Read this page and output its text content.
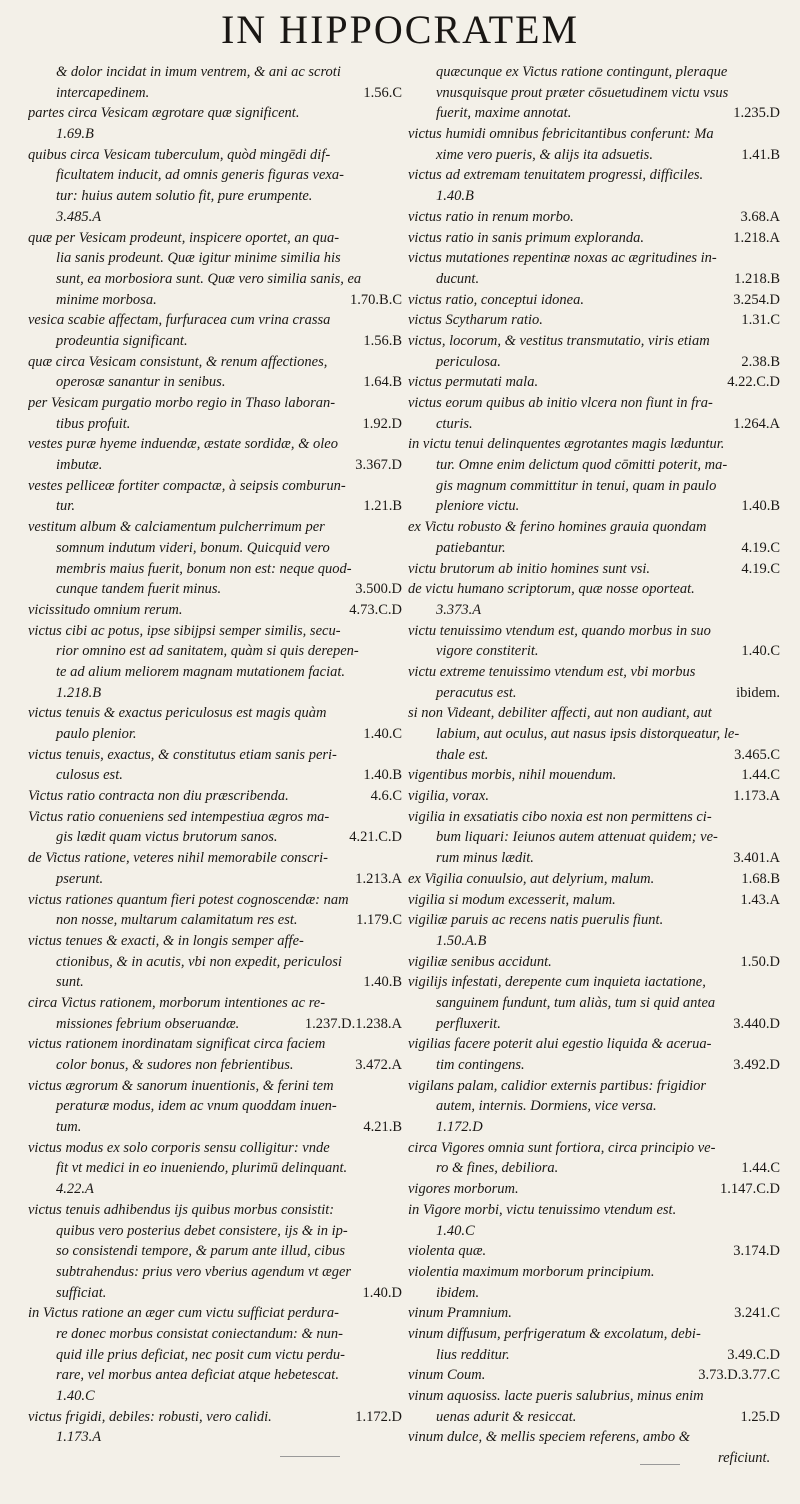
IN HIPPOCRATEM
& dolor incidat in imum ventrem, & ani ac scroti
intercapedinem.	1.56.C
partes circa Vesicam ægrotare quæ significent.
1.69.B
quibus circa Vesicam tuberculum, quòd mingēdi dif-
ficultatem inducit, ad omnis generis figuras vexa-
tur: huius autem solutio fit, pure erumpente.
3.485.A
quæ per Vesicam prodeunt, inspicere oportet, an qua-
lia sanis prodeunt. Quæ igitur minime similia his
sunt, ea morbosiora sunt. Quæ vero similia sanis, ea
minime morbosa.	1.70.B.C
vesica scabie affectam, furfuracea cum vrina crassa
prodeuntia significant.	1.56.B
quæ circa Vesicam consistunt, & renum affectiones,
operosæ sanantur in senibus.	1.64.B
per Vesicam purgatio morbo regio in Thaso laboran-
tibus profuit.	1.92.D
vestes puræ hyeme induendæ, æstate sordidæ, & oleo
imbutæ.	3.367.D
vestes pelliceæ fortiter compactæ, à seipsis comburun-
tur.	1.21.B
vestitum album & calciamentum pulcherrimum per
somnum indutum videri, bonum. Quicquid vero
membris maius fuerit, bonum non est: neque quod-
cunque tandem fuerit minus.	3.500.D
vicissitudo omnium rerum.	4.73.C.D
victus cibi ac potus, ipse sibijpsi semper similis, secu-
rior omnino est ad sanitatem, quàm si quis derepen-
te ad alium meliorem magnam mutationem faciat.
1.218.B
victus tenuis & exactus periculosus est magis quàm
paulo plenior.	1.40.C
victus tenuis, exactus, & constitutus etiam sanis peri-
culosus est.	1.40.B
Victus ratio contracta non diu præscribenda.	4.6.C
Victus ratio conueniens sed intempestiua ægros ma-
gis lædit quam victus brutorum sanos.	4.21.C.D
de Victus ratione, veteres nihil memorabile conscri-
pserunt.	1.213.A
victus rationes quantum fieri potest cognoscendæ: nam
non nosse, multarum calamitatum res est.	1.179.C
victus tenues & exacti, & in longis semper affe-
ctionibus, & in acutis, vbi non expedit, periculosi
sunt.	1.40.B
circa Victus rationem, morborum intentiones ac re-
missiones febrium obseruandæ.	1.237.D.1.238.A
victus rationem inordinatam significat circa faciem
color bonus, & sudores non febrientibus.	3.472.A
victus ægrorum & sanorum inuentionis, & ferini tem
peraturæ modus, idem ac vnum quoddam inuen-
tum.	4.21.B
victus modus ex solo corporis sensu colligitur: vnde
fit vt medici in eo inueniendo, plurimū delinquant.
4.22.A
victus tenuis adhibendus ijs quibus morbus consistit:
quibus vero posterius debet consistere, ijs & in ip-
so consistendi tempore, & parum ante illud, cibus
subtrahendus: prius vero vberius agendum vt æger
sufficiat.	1.40.D
in Victus ratione an æger cum victu sufficiat perdura-
re donec morbus consistat coniectandum: & nun-
quid ille prius deficiat, nec posit cum victu perdu-
rare, vel morbus antea deficiat atque hebetescat.
1.40.C
victus frigidi, debiles: robusti, vero calidi.	1.172.D
1.173.A
quæcunque ex Victus ratione contingunt, pleraque
vnusquisque prout præter cōsuetudinem victu vsus
fuerit, maxime annotat.	1.235.D
victus humidi omnibus febricitantibus conferunt: Ma
xime vero pueris, & alijs ita adsuetis.	1.41.B
victus ad extremam tenuitatem progressi, difficiles.
1.40.B
victus ratio in renum morbo.	3.68.A
victus ratio in sanis primum exploranda.	1.218.A
victus mutationes repentinæ noxas ac ægritudines in-
ducunt.	1.218.B
victus ratio, conceptui idonea.	3.254.D
victus Scytharum ratio.	1.31.C
victus, locorum, & vestitus transmutatio, viris etiam
periculosa.	2.38.B
victus permutati mala.	4.22.C.D
victus eorum quibus ab initio vlcera non fiunt in fra-
cturis.	1.264.A
in victu tenui delinquentes ægrotantes magis læduntur.
tur. Omne enim delictum quod cōmitti poterit, ma-
gis magnum committitur in tenui, quam in paulo
pleniore victu.	1.40.B
ex Victu robusto & ferino homines grauia quondam
patiebantur.	4.19.C
victu brutorum ab initio homines sunt vsi.	4.19.C
de victu humano scriptorum, quæ nosse oporteat.
3.373.A
victu tenuissimo vtendum est, quando morbus in suo
vigore constiterit.	1.40.C
victu extreme tenuissimo vtendum est, vbi morbus
peracutus est.	ibidem.
si non Videant, debiliter affecti, aut non audiant, aut
labium, aut oculus, aut nasus ipsis distorqueatur, le-
thale est.	3.465.C
vigentibus morbis, nihil mouendum.	1.44.C
vigilia, vorax.	1.173.A
vigilia in exsatiatis cibo noxia est non permittens ci-
bum liquari: Ieiunos autem attenuat quidem; ve-
rum minus lædit.	3.401.A
ex Vigilia conuulsio, aut delyrium, malum.	1.68.B
vigilia si modum excesserit, malum.	1.43.A
vigiliæ paruis ac recens natis puerulis fiunt.
1.50.A.B
vigiliæ senibus accidunt.	1.50.D
vigilijs infestati, derepente cum inquieta iactatione,
sanguinem fundunt, tum aliàs, tum si quid antea
perfluxerit.	3.440.D
vigilias facere poterit alui egestio liquida & aceruа-
tim contingens.	3.492.D
vigilans palam, calidior externis partibus: frigidior
autem, internis. Dormiens, vice versa.
1.172.D
circa Vigores omnia sunt fortiora, circa principio ve-
ro & fines, debiliora.	1.44.C
vigores morborum.	1.147.C.D
in Vigore morbi, victu tenuissimo vtendum est.
1.40.C
violenta quæ.	3.174.D
violentia maximum morborum principium.
ibidem.
vinum Pramnium.	3.241.C
vinum diffusum, perfrigeratum & excolatum, debi-
lius redditur.	3.49.C.D
vinum Coum.	3.73.D.3.77.C
vinum aquosiss. lacte pueris salubrius, minus enim
uenas adurit & resiccat.	1.25.D
vinum dulce, & mellis speciem referens, ambo &
reficiunt.
